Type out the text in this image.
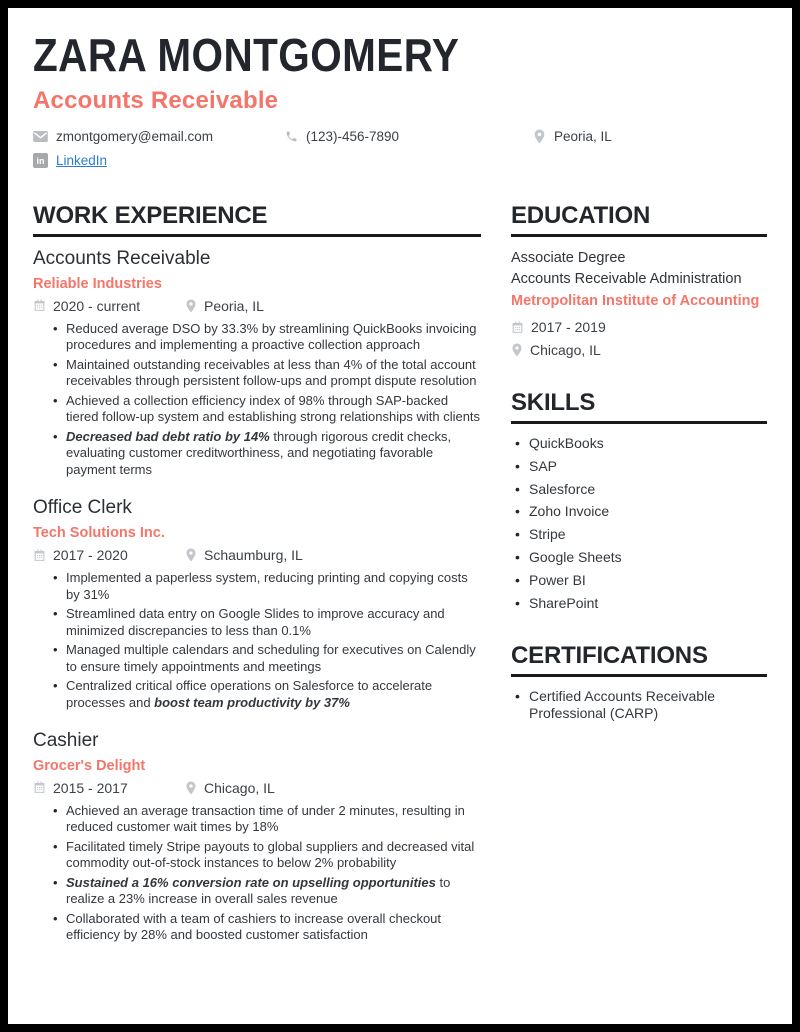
ZARA MONTGOMERY
Accounts Receivable
zmontgomery@email.com	(123)-456-7890	Peoria, IL
in LinkedIn
WORK EXPERIENCE
Accounts Receivable
Reliable Industries
2020 - current	Peoria, IL
• Reduced average DSO by 33.3% by streamlining QuickBooks invoicing procedures and implementing a proactive collection approach
• Maintained outstanding receivables at less than 4% of the total account receivables through persistent follow-ups and prompt dispute resolution
• Achieved a collection efficiency index of 98% through SAP-backed tiered follow-up system and establishing strong relationships with clients
• Decreased bad debt ratio by 14% through rigorous credit checks, evaluating customer creditworthiness, and negotiating favorable payment terms
Office Clerk
Tech Solutions Inc.
2017 - 2020	Schaumburg, IL
• Implemented a paperless system, reducing printing and copying costs by 31%
• Streamlined data entry on Google Slides to improve accuracy and minimized discrepancies to less than 0.1%
• Managed multiple calendars and scheduling for executives on Calendly to ensure timely appointments and meetings
• Centralized critical office operations on Salesforce to accelerate processes and boost team productivity by 37%
Cashier
Grocer's Delight
2015 - 2017	Chicago, IL
• Achieved an average transaction time of under 2 minutes, resulting in reduced customer wait times by 18%
• Facilitated timely Stripe payouts to global suppliers and decreased vital commodity out-of-stock instances to below 2% probability
• Sustained a 16% conversion rate on upselling opportunities to realize a 23% increase in overall sales revenue
• Collaborated with a team of cashiers to increase overall checkout efficiency by 28% and boosted customer satisfaction
EDUCATION
Associate Degree
Accounts Receivable Administration
Metropolitan Institute of Accounting
2017 - 2019
Chicago, IL
SKILLS
• QuickBooks
• SAP
• Salesforce
• Zoho Invoice
• Stripe
• Google Sheets
• Power BI
• SharePoint
CERTIFICATIONS
• Certified Accounts Receivable Professional (CARP)
